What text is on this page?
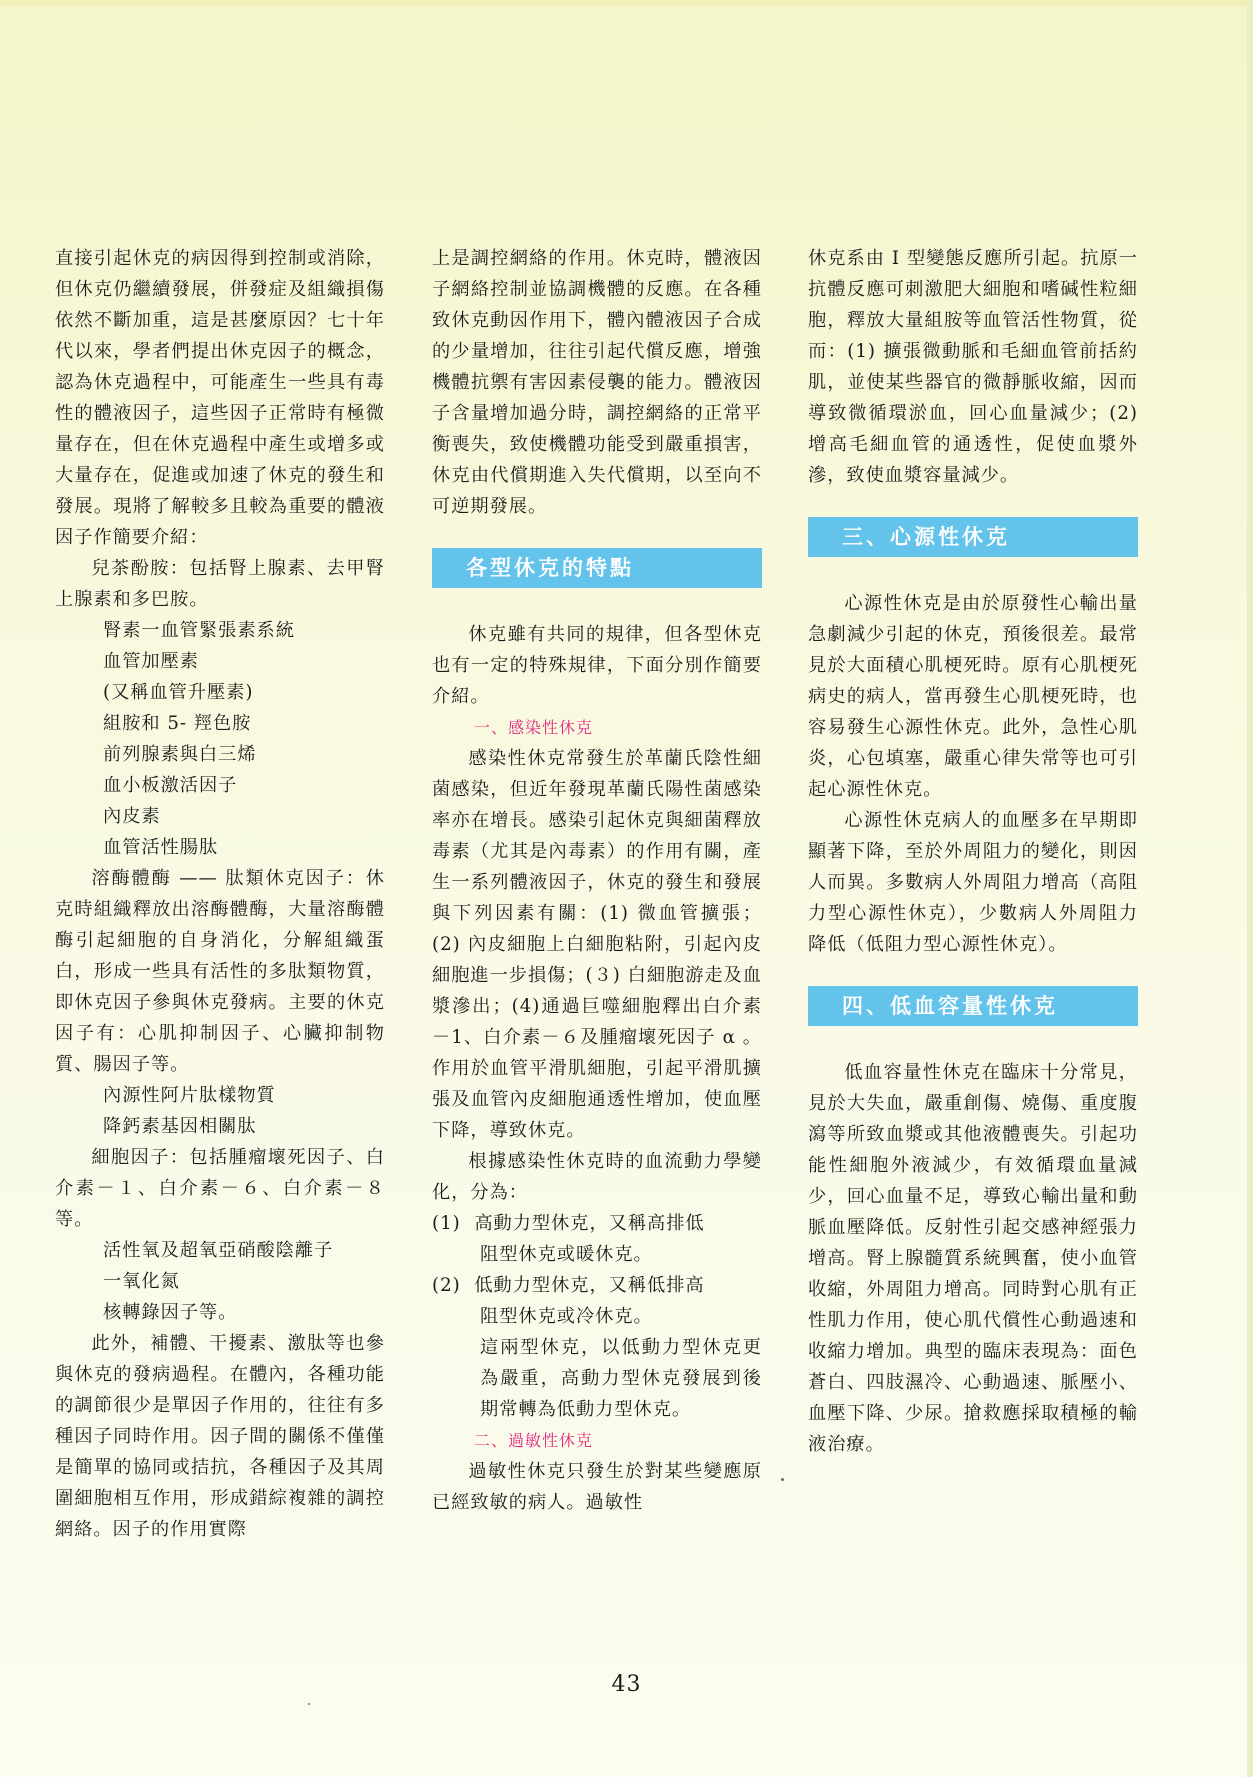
直接引起休克的病因得到控制或消除，但休克仍繼續發展，併發症及組織損傷依然不斷加重，這是甚麼原因？七十年代以來，學者們提出休克因子的概念，認為休克過程中，可能產生一些具有毒性的體液因子，這些因子正常時有極微量存在，但在休克過程中產生或增多或大量存在，促進或加速了休克的發生和發展。現將了解較多且較為重要的體液因子作簡要介紹：

兒茶酚胺：包括腎上腺素、去甲腎上腺素和多巴胺。

腎素一血管緊張素系統
血管加壓素
(又稱血管升壓素)
組胺和 5- 羥色胺
前列腺素與白三烯
血小板激活因子
內皮素
血管活性腸肽

溶酶體酶 —— 肽類休克因子：休克時組織釋放出溶酶體酶，大量溶酶體酶引起細胞的自身消化，分解組織蛋白，形成一些具有活性的多肽類物質，即休克因子參與休克發病。主要的休克因子有：心肌抑制因子、心臟抑制物質、腸因子等。

內源性阿片肽樣物質
降鈣素基因相關肽

細胞因子：包括腫瘤壞死因子、白介素－１、白介素－６、白介素－８等。

活性氧及超氧亞硝酸陰離子
一氧化氮
核轉錄因子等。

此外，補體、干擾素、激肽等也參與休克的發病過程。在體內，各種功能的調節很少是單因子作用的，往往有多種因子同時作用。因子間的關係不僅僅是簡單的協同或拮抗，各種因子及其周圍細胞相互作用，形成錯綜複雜的調控網絡。因子的作用實際

上是調控網絡的作用。休克時，體液因子網絡控制並協調機體的反應。在各種致休克動因作用下，體內體液因子合成的少量增加，往往引起代償反應，增強機體抗禦有害因素侵襲的能力。體液因子含量增加過分時，調控網絡的正常平衡喪失，致使機體功能受到嚴重損害，休克由代償期進入失代償期，以至向不可逆期發展。

各型休克的特點

休克雖有共同的規律，但各型休克也有一定的特殊規律，下面分別作簡要介紹。

一、感染性休克

感染性休克常發生於革蘭氏陰性細菌感染，但近年發現革蘭氏陽性菌感染率亦在增長。感染引起休克與細菌釋放毒素（尤其是內毒素）的作用有關，產生一系列體液因子，休克的發生和發展與下列因素有關：(1) 微血管擴張；(2) 內皮細胞上白細胞粘附，引起內皮細胞進一步損傷；(３) 白細胞游走及血漿滲出；(4)通過巨噬細胞釋出白介素－1、白介素－６及腫瘤壞死因子 α 。作用於血管平滑肌細胞，引起平滑肌擴張及血管內皮細胞通透性增加，使血壓下降，導致休克。

根據感染性休克時的血流動力學變化，分為：

(1) 高動力型休克，又稱高排低
阻型休克或暖休克。
(2) 低動力型休克，又稱低排高
阻型休克或冷休克。
這兩型休克，以低動力型休克更為嚴重，高動力型休克發展到後期常轉為低動力型休克。
二、過敏性休克

過敏性休克只發生於對某些變應原已經致敏的病人。過敏性

休克系由 I 型變態反應所引起。抗原一抗體反應可刺激肥大細胞和嗜碱性粒細胞，釋放大量組胺等血管活性物質，從而：(1) 擴張微動脈和毛細血管前括約肌，並使某些器官的微靜脈收縮，因而導致微循環淤血，回心血量減少；(2) 增高毛細血管的通透性，促使血漿外滲，致使血漿容量減少。

三、心源性休克

心源性休克是由於原發性心輸出量急劇減少引起的休克，預後很差。最常見於大面積心肌梗死時。原有心肌梗死病史的病人，當再發生心肌梗死時，也容易發生心源性休克。此外，急性心肌炎，心包填塞，嚴重心律失常等也可引起心源性休克。

心源性休克病人的血壓多在早期即顯著下降，至於外周阻力的變化，則因人而異。多數病人外周阻力增高（高阻力型心源性休克），少數病人外周阻力降低（低阻力型心源性休克）。

四、低血容量性休克

低血容量性休克在臨床十分常見，見於大失血，嚴重創傷、燒傷、重度腹瀉等所致血漿或其他液體喪失。引起功能性細胞外液減少，有效循環血量減少，回心血量不足，導致心輸出量和動脈血壓降低。反射性引起交感神經張力增高。腎上腺髓質系統興奮，使小血管收縮，外周阻力增高。同時對心肌有正性肌力作用，使心肌代償性心動過速和收縮力增加。典型的臨床表現為：面色蒼白、四肢濕冷、心動過速、脈壓小、血壓下降、少尿。搶救應採取積極的輸液治療。

43
